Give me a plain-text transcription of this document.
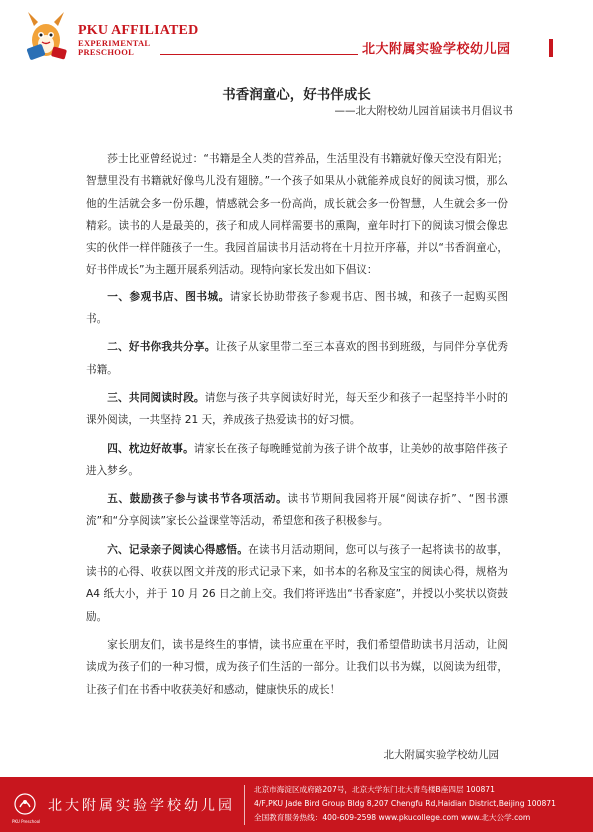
PKU AFFILIATED
EXPERIMENTAL
PRESCHOOL	北大附属实验学校幼儿园
书香润童心，好书伴成长
——北大附校幼儿园首届读书月倡议书

莎士比亚曾经说过：“书籍是全人类的营养品，生活里没有书籍就好像天空没有阳光；智慧里没有书籍就好像鸟儿没有翅膀。”一个孩子如果从小就能养成良好的阅读习惯，那么他的生活就会多一份乐趣，情感就会多一份高尚，成长就会多一份智慧，人生就会多一份精彩。读书的人是最美的，孩子和成人同样需要书的熏陶，童年时打下的阅读习惯会像忠实的伙伴一样伴随孩子一生。我园首届读书月活动将在十月拉开序幕，并以“书香润童心，好书伴成长”为主题开展系列活动。现特向家长发出如下倡议：

一、参观书店、图书城。请家长协助带孩子参观书店、图书城，和孩子一起购买图书。

二、好书你我共分享。让孩子从家里带二至三本喜欢的图书到班级，与同伴分享优秀书籍。

三、共同阅读时段。请您与孩子共享阅读好时光，每天至少和孩子一起坚持半小时的课外阅读，一共坚持 21 天，养成孩子热爱读书的好习惯。

四、枕边好故事。请家长在孩子每晚睡觉前为孩子讲个故事，让美妙的故事陪伴孩子进入梦乡。

五、鼓励孩子参与读书节各项活动。读书节期间我园将开展“阅读存折”、“图书漂流”和“分享阅读”家长公益课堂等活动，希望您和孩子积极参与。

六、记录亲子阅读心得感悟。在读书月活动期间，您可以与孩子一起将读书的故事，读书的心得、收获以图文并茂的形式记录下来，如书本的名称及宝宝的阅读心得，规格为 A4 纸大小，并于 10 月 26 日之前上交。我们将评选出“书香家庭”，并授以小奖状以资鼓励。

家长朋友们，读书是终生的事情，读书应重在平时，我们希望借助读书月活动，让阅读成为孩子们的一种习惯，成为孩子们生活的一部分。让我们以书为媒，以阅读为纽带，让孩子们在书香中收获美好和感动，健康快乐的成长！

北大附属实验学校幼儿园
PKU Preschool
北大附属实验学校幼儿园
北京市海淀区成府路207号，北京大学东门北大青鸟楼B座四层 100871
4/F,PKU Jade Bird Group Bldg 8,207 Chengfu Rd,Haidian District,Beijing 100871
全国教育服务热线：400-609-2598 www.pkucollege.com www.北大公学.com
